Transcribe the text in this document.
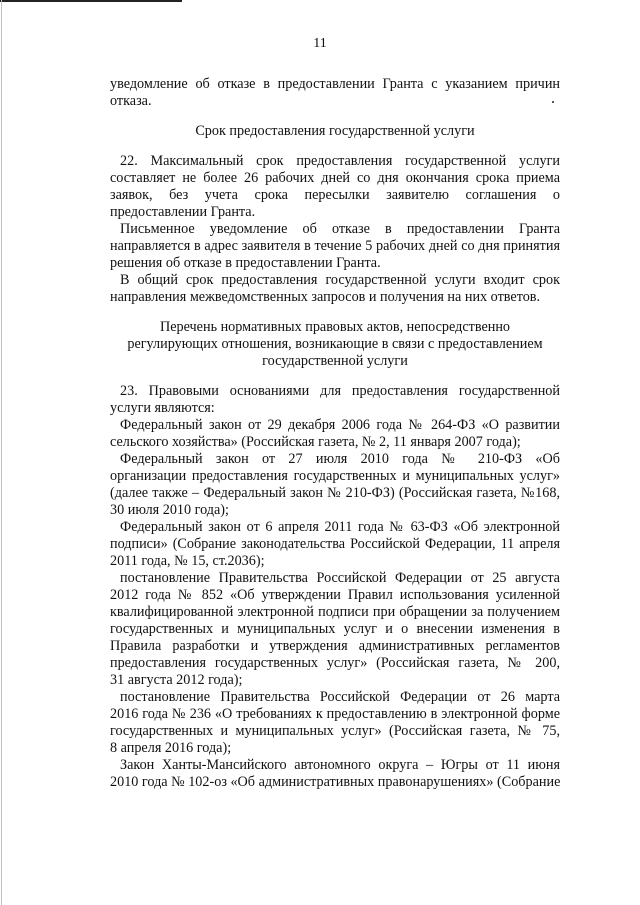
11
уведомление об отказе в предоставлении Гранта с указанием причин
отказа.
Срок предоставления государственной услуги
22. Максимальный срок предоставления государственной услуги
составляет не более 26 рабочих дней со дня окончания срока приема
заявок, без учета срока пересылки заявителю соглашения о
предоставлении Гранта.
Письменное уведомление об отказе в предоставлении Гранта
направляется в адрес заявителя в течение 5 рабочих дней со дня принятия
решения об отказе в предоставлении Гранта.
В общий срок предоставления государственной услуги входит срок
направления межведомственных запросов и получения на них ответов.
Перечень нормативных правовых актов, непосредственно
регулирующих отношения, возникающие в связи с предоставлением
государственной услуги
23. Правовыми основаниями для предоставления государственной
услуги являются:
Федеральный закон от 29 декабря 2006 года № 264-ФЗ «О развитии
сельского хозяйства» (Российская газета, № 2, 11 января 2007 года);
Федеральный закон от 27 июля 2010 года № 210-ФЗ «Об
организации предоставления государственных и муниципальных услуг»
(далее также – Федеральный закон № 210-ФЗ) (Российская газета, №168,
30 июля 2010 года);
Федеральный закон от 6 апреля 2011 года № 63-ФЗ «Об электронной
подписи» (Собрание законодательства Российской Федерации, 11 апреля
2011 года, № 15, ст.2036);
постановление Правительства Российской Федерации от 25 августа
2012 года № 852 «Об утверждении Правил использования усиленной
квалифицированной электронной подписи при обращении за получением
государственных и муниципальных услуг и о внесении изменения в
Правила разработки и утверждения административных регламентов
предоставления государственных услуг» (Российская газета, № 200,
31 августа 2012 года);
постановление Правительства Российской Федерации от 26 марта
2016 года № 236 «О требованиях к предоставлению в электронной форме
государственных и муниципальных услуг» (Российская газета, № 75,
8 апреля 2016 года);
Закон Ханты-Мансийского автономного округа – Югры от 11 июня
2010 года № 102-оз «Об административных правонарушениях» (Собрание
